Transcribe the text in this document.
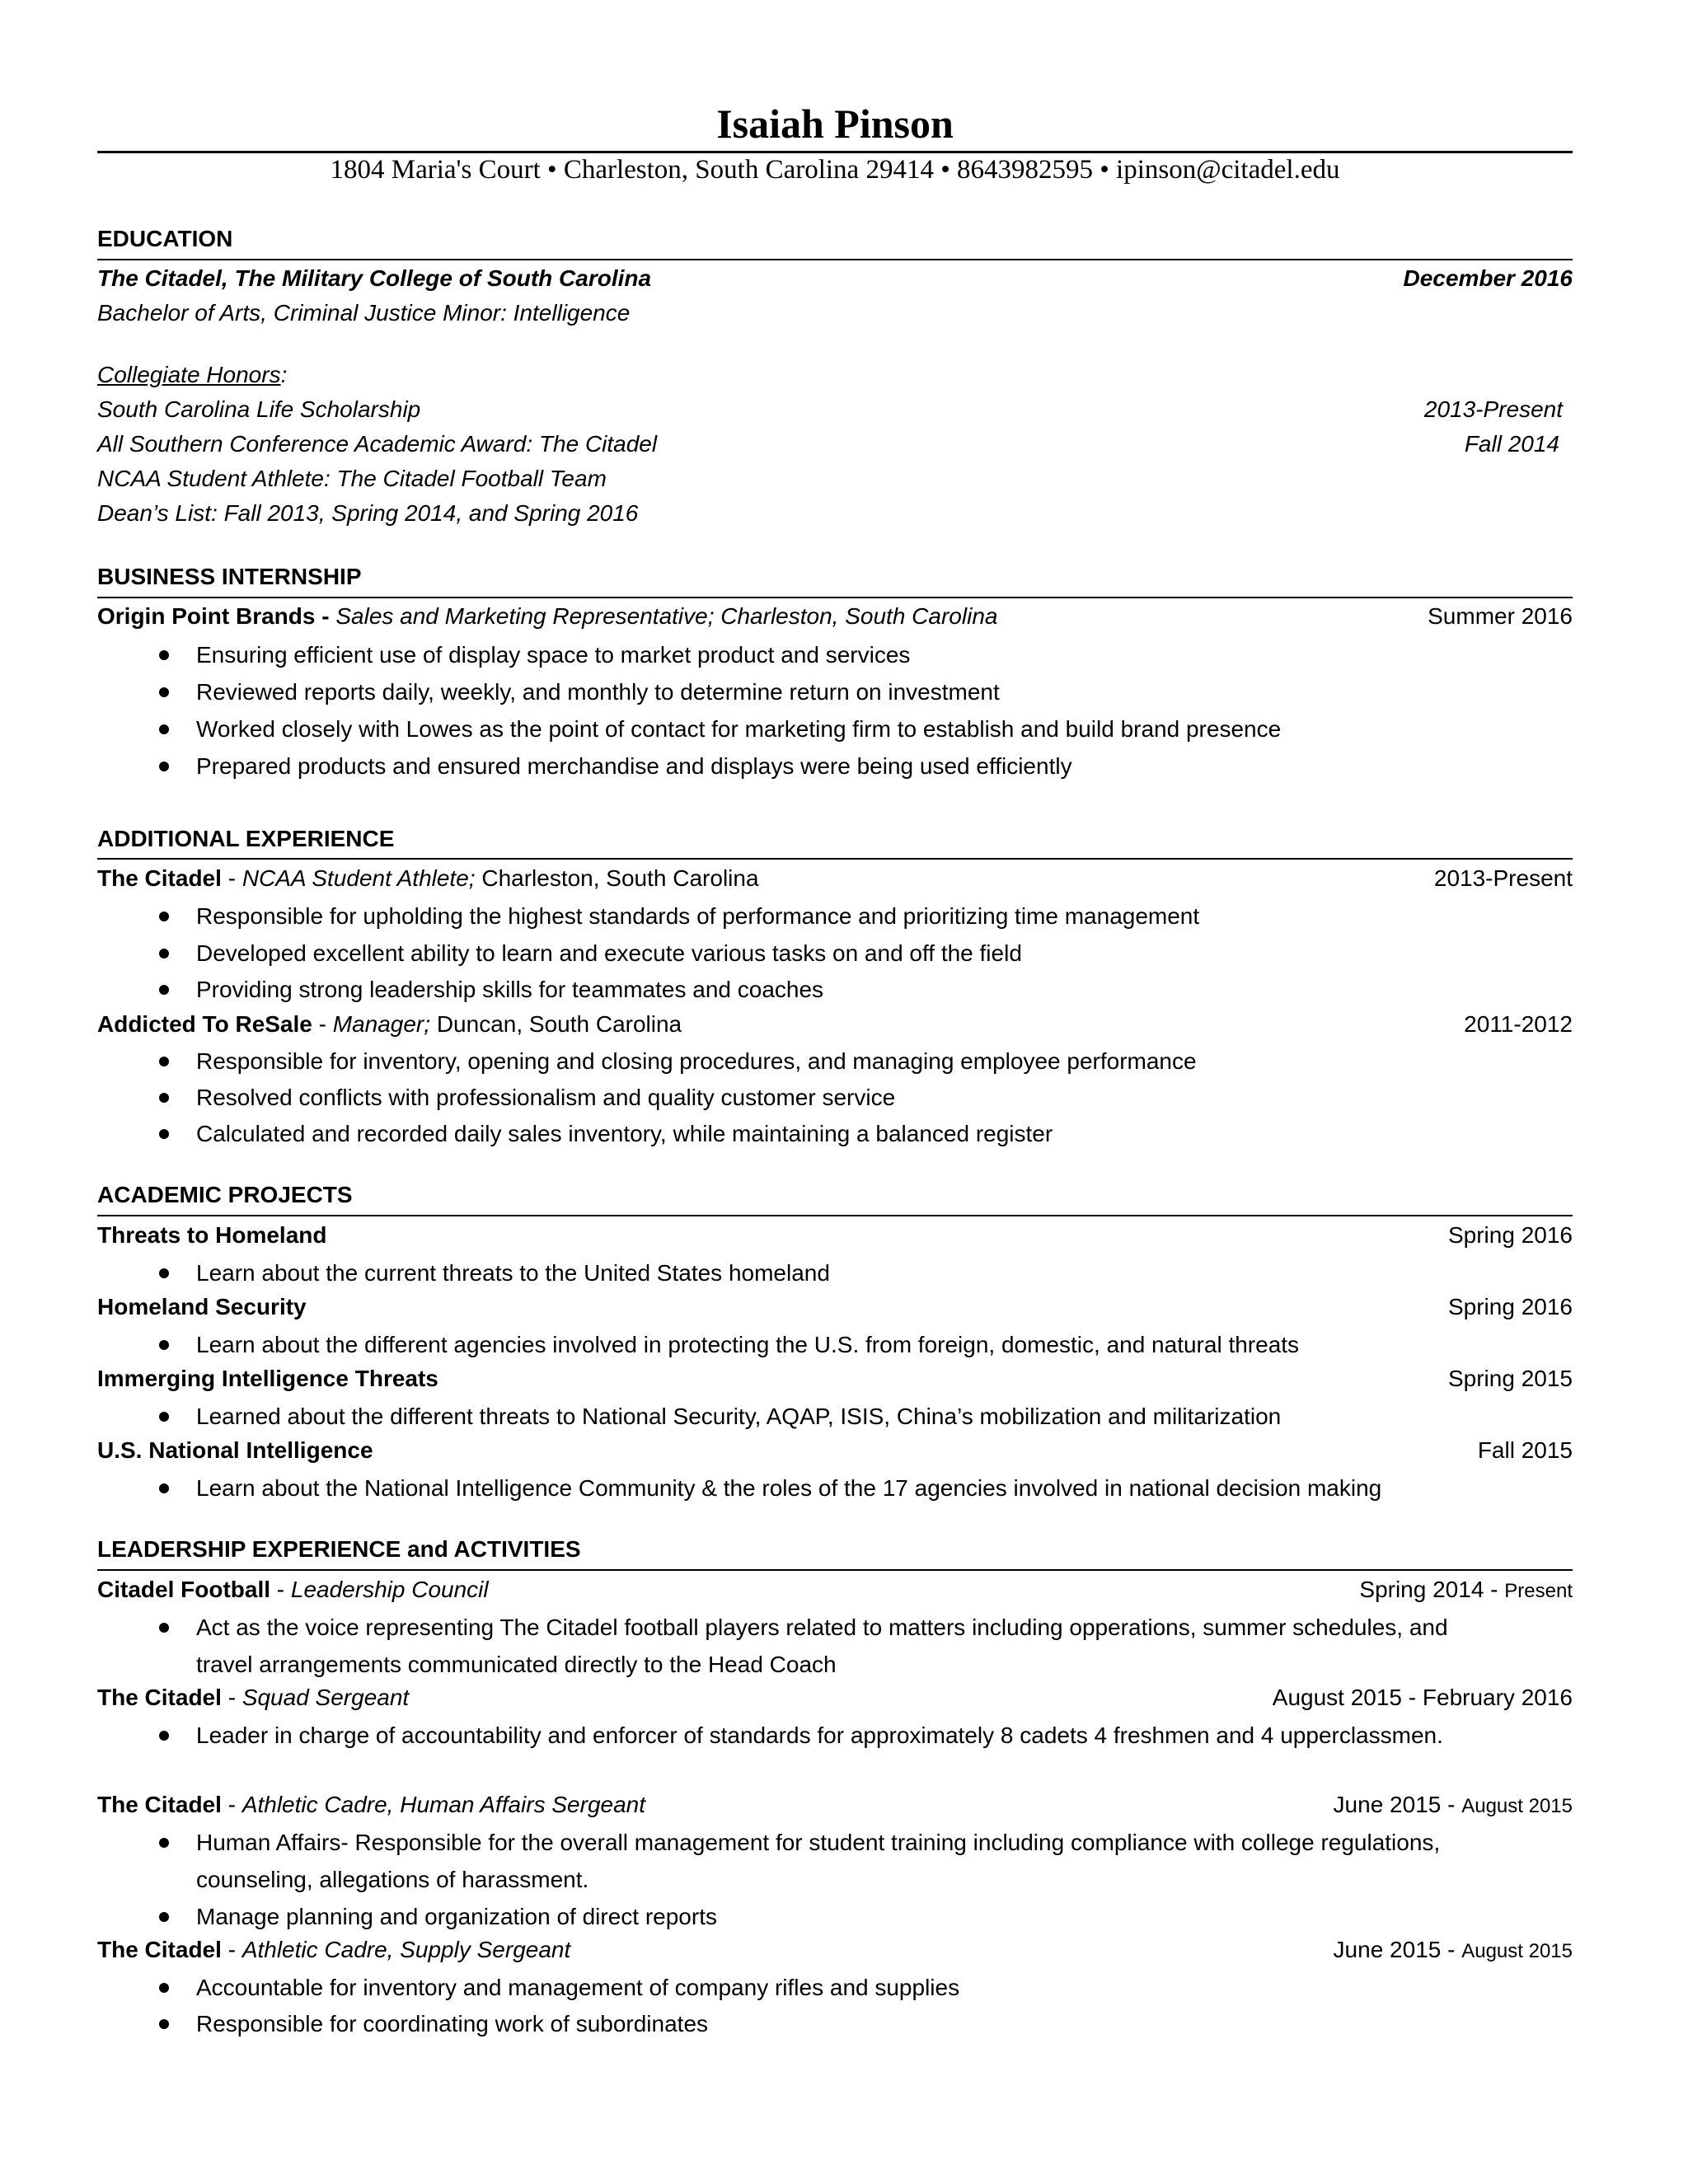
Isaiah Pinson
1804 Maria's Court • Charleston, South Carolina 29414 • 8643982595 • ipinson@citadel.edu
EDUCATION
The Citadel, The Military College of South Carolina	December 2016
Bachelor of Arts, Criminal Justice Minor: Intelligence
Collegiate Honors:
South Carolina Life Scholarship	2013-Present
All Southern Conference Academic Award: The Citadel	Fall 2014
NCAA Student Athlete: The Citadel Football Team
Dean’s List: Fall 2013, Spring 2014, and Spring 2016
BUSINESS INTERNSHIP
Origin Point Brands - Sales and Marketing Representative; Charleston, South Carolina	Summer 2016
Ensuring efficient use of display space to market product and services
Reviewed reports daily, weekly, and monthly to determine return on investment
Worked closely with Lowes as the point of contact for marketing firm to establish and build brand presence
Prepared products and ensured merchandise and displays were being used efficiently
ADDITIONAL EXPERIENCE
The Citadel - NCAA Student Athlete; Charleston, South Carolina	2013-Present
Responsible for upholding the highest standards of performance and prioritizing time management
Developed excellent ability to learn and execute various tasks on and off the field
Providing strong leadership skills for teammates and coaches
Addicted To ReSale - Manager; Duncan, South Carolina	2011-2012
Responsible for inventory, opening and closing procedures, and managing employee performance
Resolved conflicts with professionalism and quality customer service
Calculated and recorded daily sales inventory, while maintaining a balanced register
ACADEMIC PROJECTS
Threats to Homeland	Spring 2016
Learn about the current threats to the United States homeland
Homeland Security	Spring 2016
Learn about the different agencies involved in protecting the U.S. from foreign, domestic, and natural threats
Immerging Intelligence Threats	Spring 2015
Learned about the different threats to National Security, AQAP, ISIS, China’s mobilization and militarization
U.S. National Intelligence	Fall 2015
Learn about the National Intelligence Community & the roles of the 17 agencies involved in national decision making
LEADERSHIP EXPERIENCE and ACTIVITIES
Citadel Football - Leadership Council	Spring 2014 - Present
Act as the voice representing The Citadel football players related to matters including opperations, summer schedules, and travel arrangements communicated directly to the Head Coach
The Citadel - Squad Sergeant	August 2015 - February 2016
Leader in charge of accountability and enforcer of standards for approximately 8 cadets 4 freshmen and 4 upperclassmen.
The Citadel - Athletic Cadre, Human Affairs Sergeant	June 2015 - August 2015
Human Affairs- Responsible for the overall management for student training including compliance with college regulations, counseling, allegations of harassment.
Manage planning and organization of direct reports
The Citadel - Athletic Cadre, Supply Sergeant	June 2015 - August 2015
Accountable for inventory and management of company rifles and supplies
Responsible for coordinating work of subordinates
